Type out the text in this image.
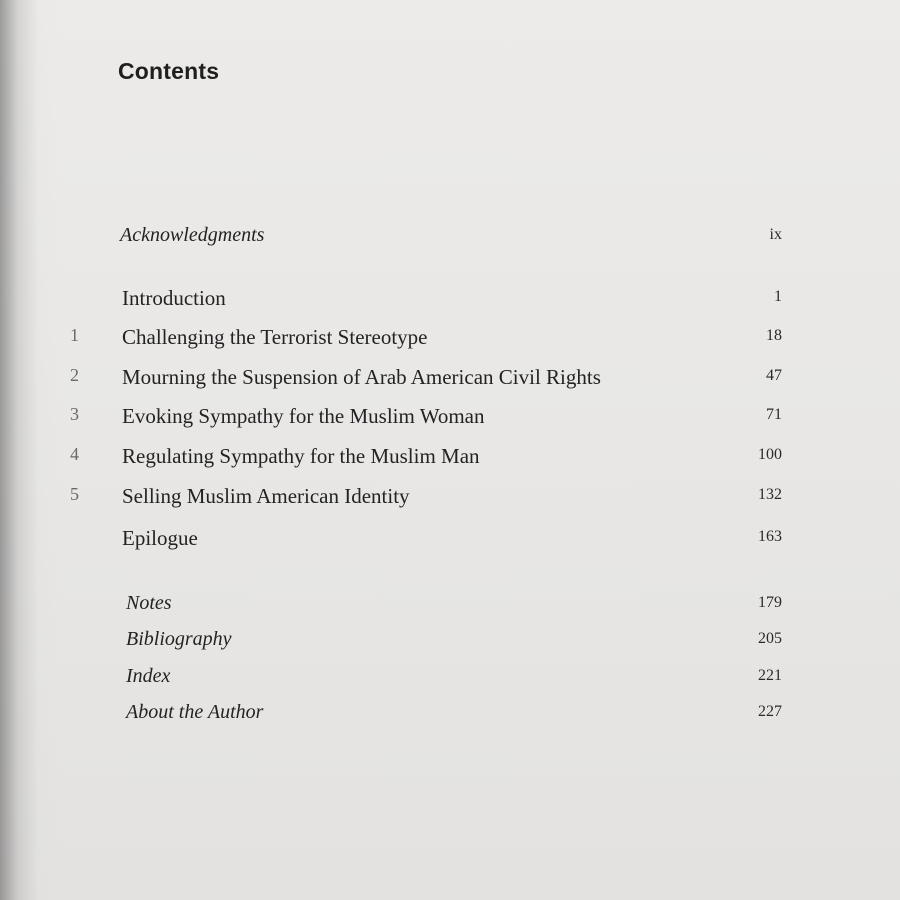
Contents
Acknowledgments	ix
Introduction	1
1 Challenging the Terrorist Stereotype	18
2 Mourning the Suspension of Arab American Civil Rights	47
3 Evoking Sympathy for the Muslim Woman	71
4 Regulating Sympathy for the Muslim Man	100
5 Selling Muslim American Identity	132
Epilogue	163
Notes	179
Bibliography	205
Index	221
About the Author	227
